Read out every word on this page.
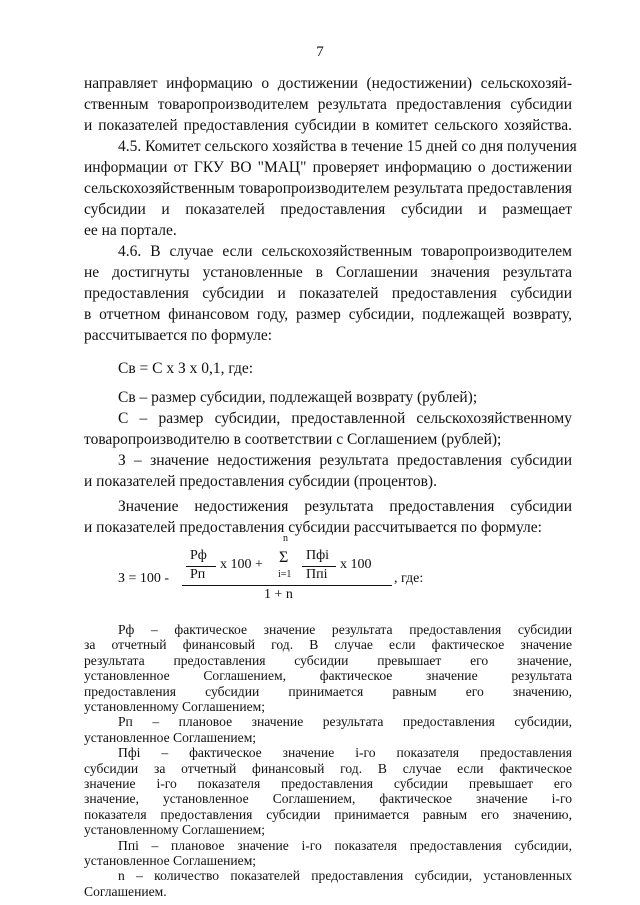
7
направляет информацию о достижении (недостижении) сельскохозяй-
ственным товаропроизводителем результата предоставления субсидии
и показателей предоставления субсидии в комитет сельского хозяйства.
4.5. Комитет сельского хозяйства в течение 15 дней со дня получения
информации от ГКУ ВО "МАЦ" проверяет информацию о достижении
сельскохозяйственным товаропроизводителем результата предоставления
субсидии и показателей предоставления субсидии и размещает
ее на портале.
4.6. В случае если сельскохозяйственным товаропроизводителем
не достигнуты установленные в Соглашении значения результата
предоставления субсидии и показателей предоставления субсидии
в отчетном финансовом году, размер субсидии, подлежащей возврату,
рассчитывается по формуле:
Св = С х З х 0,1, где:
Св – размер субсидии, подлежащей возврату (рублей);
С – размер субсидии, предоставленной сельскохозяйственному
товаропроизводителю в соответствии с Соглашением (рублей);
З – значение недостижения результата предоставления субсидии
и показателей предоставления субсидии (процентов).
Значение недостижения результата предоставления субсидии
и показателей предоставления субсидии рассчитывается по формуле:
З = 100 -
Рф
Рп
х 100 +
n
Σ
i=1
Пфi
Ппi
х 100
1 + n
, где:
Рф – фактическое значение результата предоставления субсидии
за отчетный финансовый год. В случае если фактическое значение
результата предоставления субсидии превышает его значение,
установленное Соглашением, фактическое значение результата
предоставления субсидии принимается равным его значению,
установленному Соглашением;
Рп – плановое значение результата предоставления субсидии,
установленное Соглашением;
Пфi – фактическое значение i-го показателя предоставления
субсидии за отчетный финансовый год. В случае если фактическое
значение i-го показателя предоставления субсидии превышает его
значение, установленное Соглашением, фактическое значение i-го
показателя предоставления субсидии принимается равным его значению,
установленному Соглашением;
Ппi – плановое значение i-го показателя предоставления субсидии,
установленное Соглашением;
n – количество показателей предоставления субсидии, установленных
Соглашением.
